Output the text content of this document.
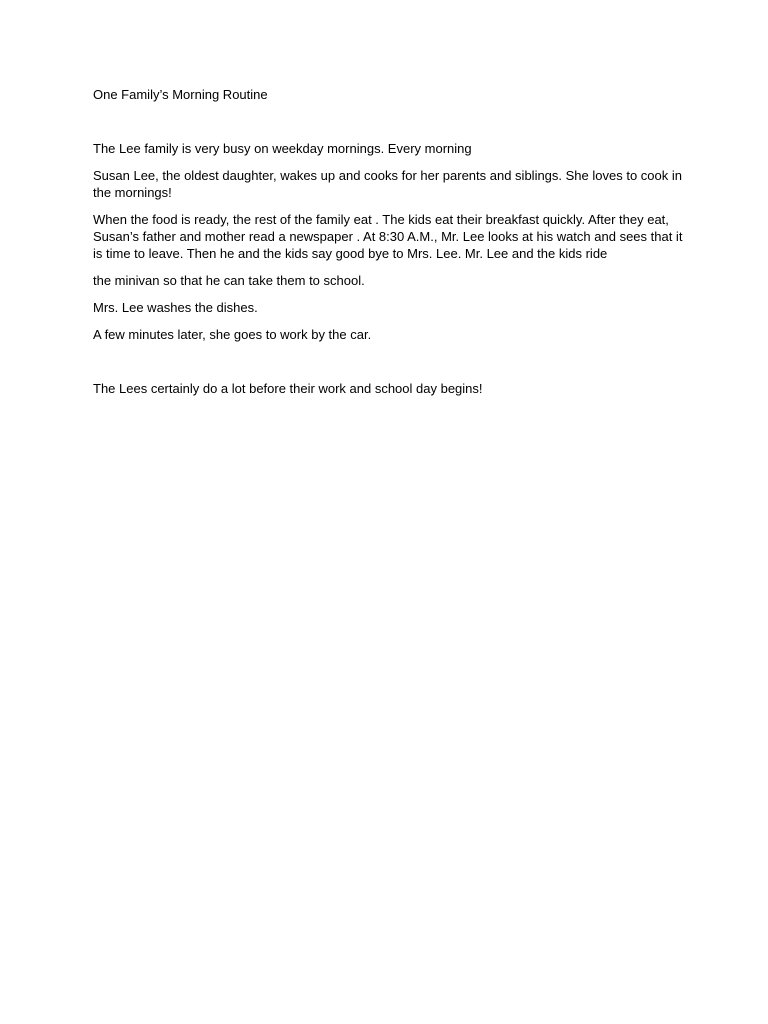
One Family’s Morning Routine

The Lee family is very busy on weekday mornings. Every morning

Susan Lee, the oldest daughter, wakes up and cooks for her parents and siblings. She loves to cook in the mornings!

When the food is ready, the rest of the family eat . The kids eat their breakfast quickly. After they eat, Susan’s father and mother read a newspaper . At 8:30 A.M., Mr. Lee looks at his watch and sees that it is time to leave. Then he and the kids say good bye to Mrs. Lee. Mr. Lee and the kids ride

the minivan so that he can take them to school.

Mrs. Lee washes the dishes.

A few minutes later, she goes to work by the car.

The Lees certainly do a lot before their work and school day begins!
